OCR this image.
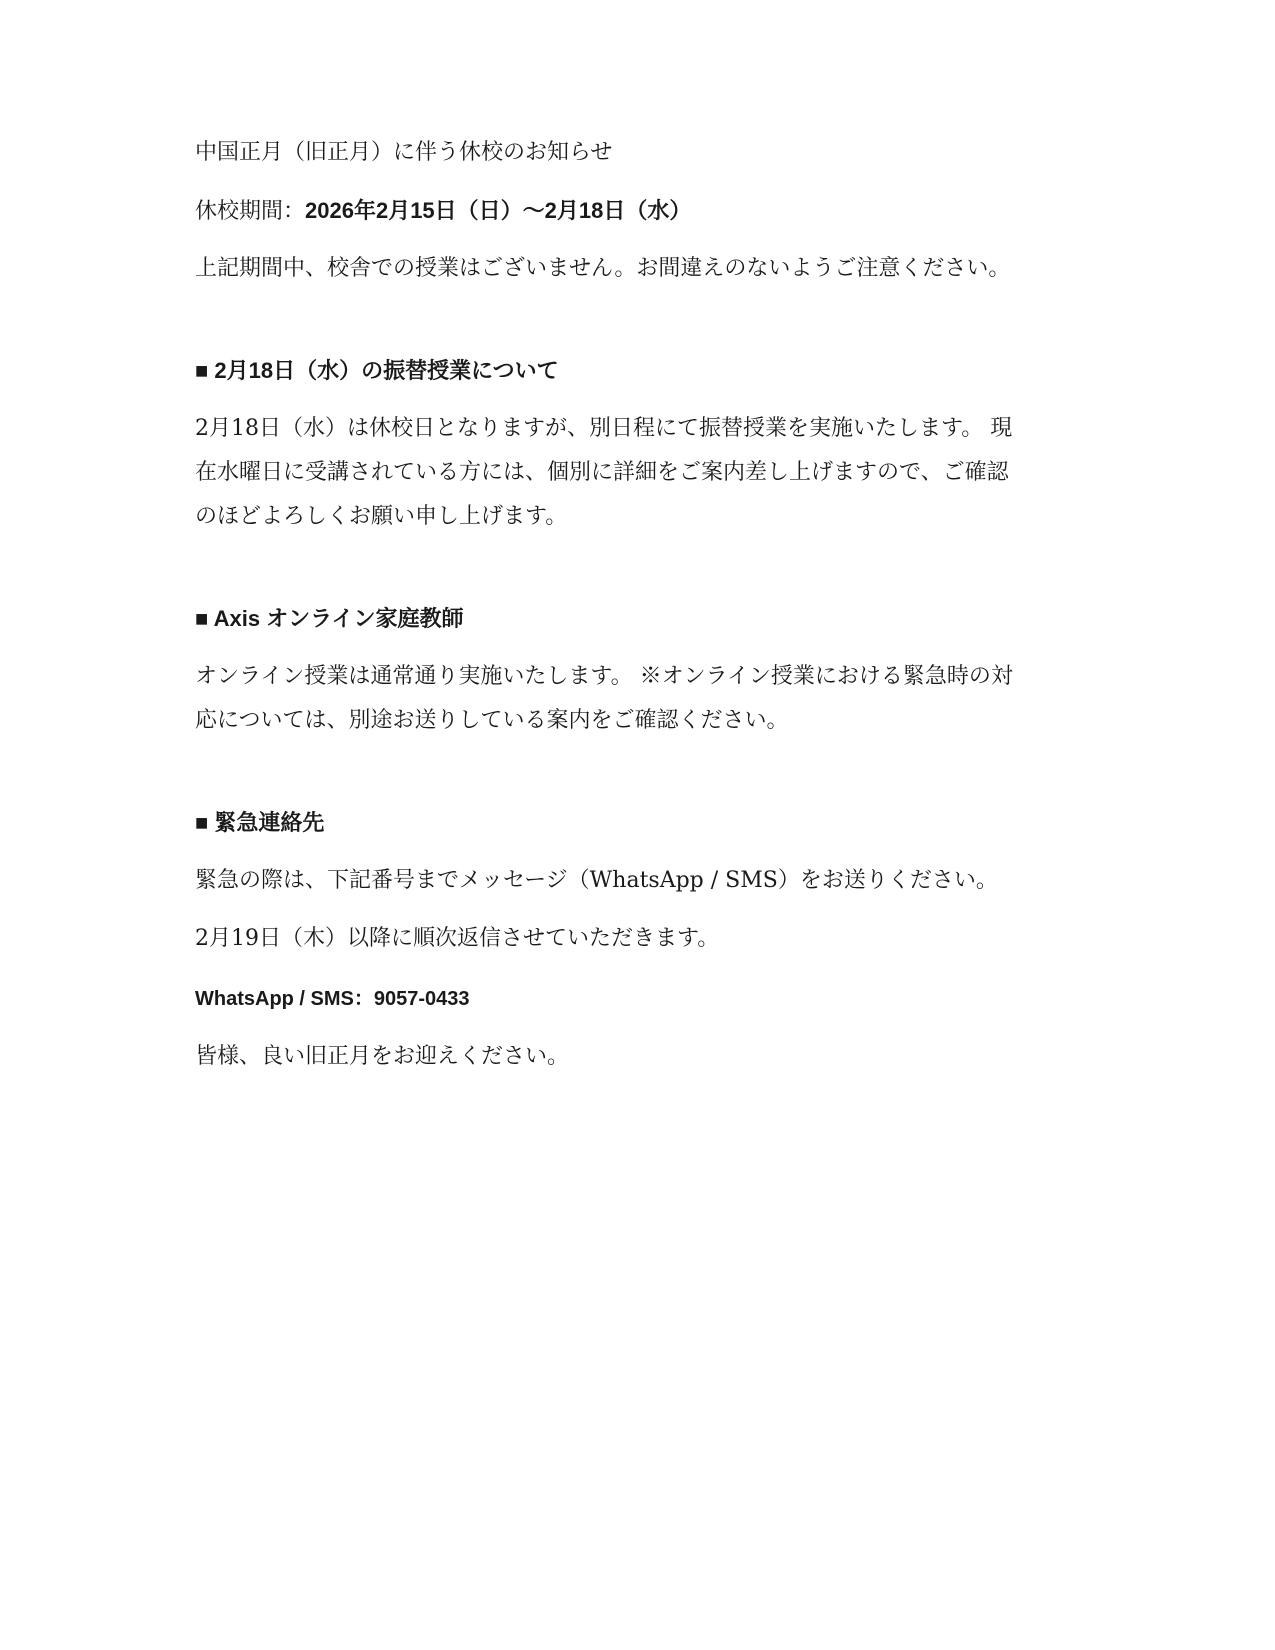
中国正月（旧正月）に伴う休校のお知らせ
休校期間：2026年2月15日（日）～2月18日（水）
上記期間中、校舎での授業はございません。お間違えのないようご注意ください。
■ 2月18日（水）の振替授業について
2月18日（水）は休校日となりますが、別日程にて振替授業を実施いたします。 現
在水曜日に受講されている方には、個別に詳細をご案内差し上げますので、ご確認
のほどよろしくお願い申し上げます。
■ Axis オンライン家庭教師
オンライン授業は通常通り実施いたします。 ※オンライン授業における緊急時の対
応については、別途お送りしている案内をご確認ください。
■ 緊急連絡先
緊急の際は、下記番号までメッセージ（WhatsApp / SMS）をお送りください。
2月19日（木）以降に順次返信させていただきます。
WhatsApp / SMS：9057-0433
皆様、良い旧正月をお迎えください。
